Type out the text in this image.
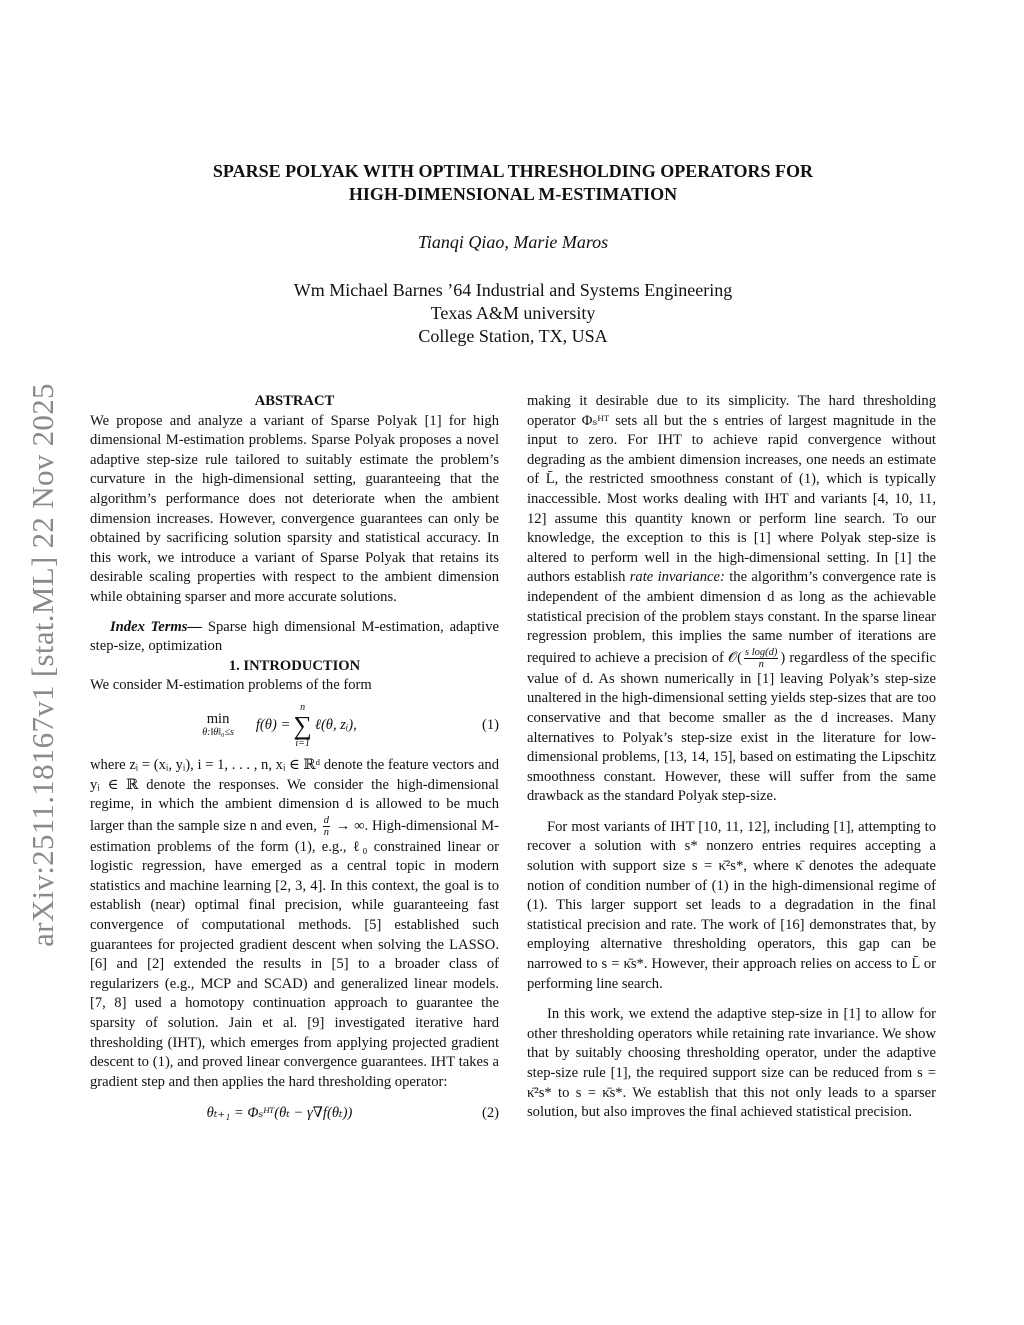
arXiv:2511.18167v1 [stat.ML] 22 Nov 2025
SPARSE POLYAK WITH OPTIMAL THRESHOLDING OPERATORS FOR
HIGH-DIMENSIONAL M-ESTIMATION
Tianqi Qiao, Marie Maros
Wm Michael Barnes ’64 Industrial and Systems Engineering
Texas A&M university
College Station, TX, USA

ABSTRACT

We propose and analyze a variant of Sparse Polyak [1] for high dimensional M-estimation problems. Sparse Polyak proposes a novel adaptive step-size rule tailored to suitably estimate the problem’s curvature in the high-dimensional setting, guaranteeing that the algorithm’s performance does not deteriorate when the ambient dimension increases. However, convergence guarantees can only be obtained by sacrificing solution sparsity and statistical accuracy. In this work, we introduce a variant of Sparse Polyak that retains its desirable scaling properties with respect to the ambient dimension while obtaining sparser and more accurate solutions.

Index Terms— Sparse high dimensional M-estimation, adaptive step-size, optimization

1. INTRODUCTION

We consider M-estimation problems of the form

min
θ:‖θ‖₀≤s f(θ) =
n
∑
i=1
ℓ(θ, zᵢ),	(1)

where zᵢ = (xᵢ, yᵢ), i = 1, . . . , n, xᵢ ∈ ℝᵈ denote the feature vectors and yᵢ ∈ ℝ denote the responses. We consider the high-dimensional regime, in which the ambient dimension d is allowed to be much larger than the sample size n and even, $\frac{d}{n}$ → ∞. High-dimensional M-estimation problems of the form (1), e.g., ℓ₀ constrained linear or logistic regression, have emerged as a central topic in modern statistics and machine learning [2, 3, 4]. In this context, the goal is to establish (near) optimal final precision, while guaranteeing fast convergence of computational methods. [5] established such guarantees for projected gradient descent when solving the LASSO. [6] and [2] extended the results in [5] to a broader class of regularizers (e.g., MCP and SCAD) and generalized linear models. [7, 8] used a homotopy continuation approach to guarantee the sparsity of solution. Jain et al. [9] investigated iterative hard thresholding (IHT), which emerges from applying projected gradient descent to (1), and proved linear convergence guarantees. IHT takes a gradient step and then applies the hard thresholding operator:

θₜ₊₁ = Φₛᴴᵀ(θₜ − γ∇f(θₜ))	(2)

making it desirable due to its simplicity. The hard thresholding operator Φₛᴴᵀ sets all but the s entries of largest magnitude in the input to zero. For IHT to achieve rapid convergence without degrading as the ambient dimension increases, one needs an estimate of L̄, the restricted smoothness constant of (1), which is typically inaccessible. Most works dealing with IHT and variants [4, 10, 11, 12] assume this quantity known or perform line search. To our knowledge, the exception to this is [1] where Polyak step-size is altered to perform well in the high-dimensional setting. In [1] the authors establish rate invariance: the algorithm’s convergence rate is independent of the ambient dimension d as long as the achievable statistical precision of the problem stays constant. In the sparse linear regression problem, this implies the same number of iterations are required to achieve a precision of 𝒪( $\frac{\text{s log(d)}}{n}$ ) regardless of the specific value of d. As shown numerically in [1] leaving Polyak’s step-size unaltered in the high-dimensional setting yields step-sizes that are too conservative and that become smaller as the d increases. Many alternatives to Polyak’s step-size exist in the literature for low-dimensional problems, [13, 14, 15], based on estimating the Lipschitz smoothness constant. However, these will suffer from the same drawback as the standard Polyak step-size.

For most variants of IHT [10, 11, 12], including [1], attempting to recover a solution with s* nonzero entries requires accepting a solution with support size s = κ̄²s*, where κ̄ denotes the adequate notion of condition number of (1) in the high-dimensional regime of (1). This larger support set leads to a degradation in the final statistical precision and rate. The work of [16] demonstrates that, by employing alternative thresholding operators, this gap can be narrowed to s = κ̄s*. However, their approach relies on access to L̄ or performing line search.

In this work, we extend the adaptive step-size in [1] to allow for other thresholding operators while retaining rate invariance. We show that by suitably choosing thresholding operator, under the adaptive step-size rule [1], the required support size can be reduced from s = κ̄²s* to s = κ̄s*. We establish that this not only leads to a sparser solution, but also improves the final achieved statistical precision.
